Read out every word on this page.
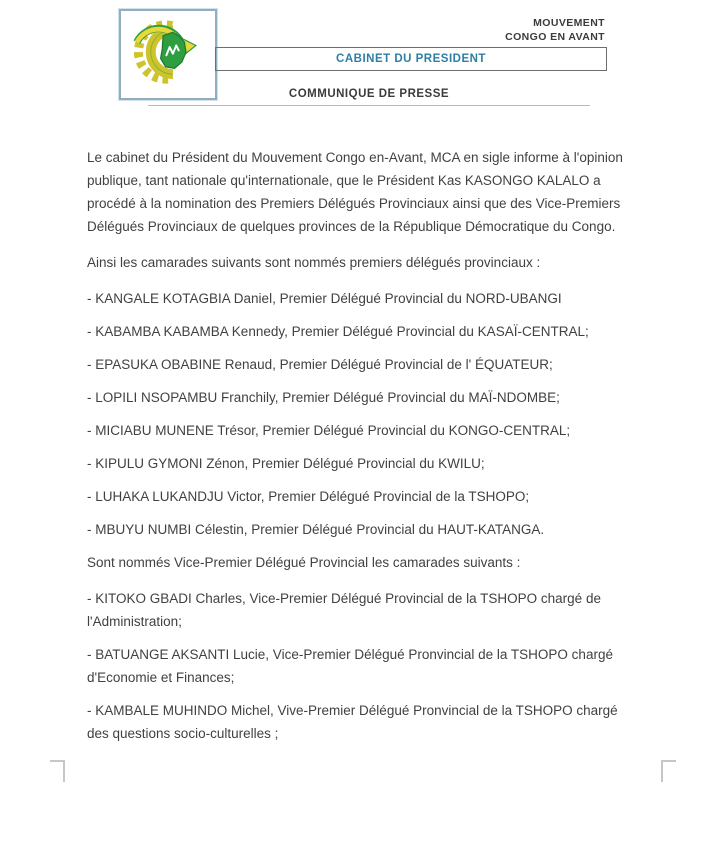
MOUVEMENT
CONGO EN AVANT
CABINET DU PRESIDENT
COMMUNIQUE DE PRESSE

Le cabinet du Président du Mouvement Congo en-Avant, MCA en sigle informe à l'opinion publique, tant nationale qu'internationale, que le Président Kas KASONGO KALALO a procédé à la nomination des Premiers Délégués Provinciaux ainsi que des Vice-Premiers Délégués Provinciaux de quelques provinces de la République Démocratique du Congo.

Ainsi les camarades suivants sont nommés premiers délégués provinciaux :

- KANGALE KOTAGBIA Daniel, Premier Délégué Provincial du NORD-UBANGI
- KABAMBA KABAMBA Kennedy, Premier Délégué Provincial du KASAÏ-CENTRAL;
- EPASUKA OBABINE Renaud, Premier Délégué Provincial de l' ÉQUATEUR;
- LOPILI NSOPAMBU Franchily, Premier Délégué Provincial du MAÏ-NDOMBE;
- MICIABU MUNENE Trésor, Premier Délégué Provincial du KONGO-CENTRAL;
- KIPULU GYMONI Zénon, Premier Délégué Provincial du KWILU;
- LUHAKA LUKANDJU Victor, Premier Délégué Provincial de la TSHOPO;
- MBUYU NUMBI Célestin, Premier Délégué Provincial du HAUT-KATANGA.

Sont nommés Vice-Premier Délégué Provincial les camarades suivants :

- KITOKO GBADI Charles, Vice-Premier Délégué Provincial de la TSHOPO chargé de l'Administration;
- BATUANGE AKSANTI Lucie, Vice-Premier Délégué Pronvincial de la TSHOPO chargé d'Economie et Finances;
- KAMBALE MUHINDO Michel, Vive-Premier Délégué Pronvincial de la TSHOPO chargé des questions socio-culturelles ;
